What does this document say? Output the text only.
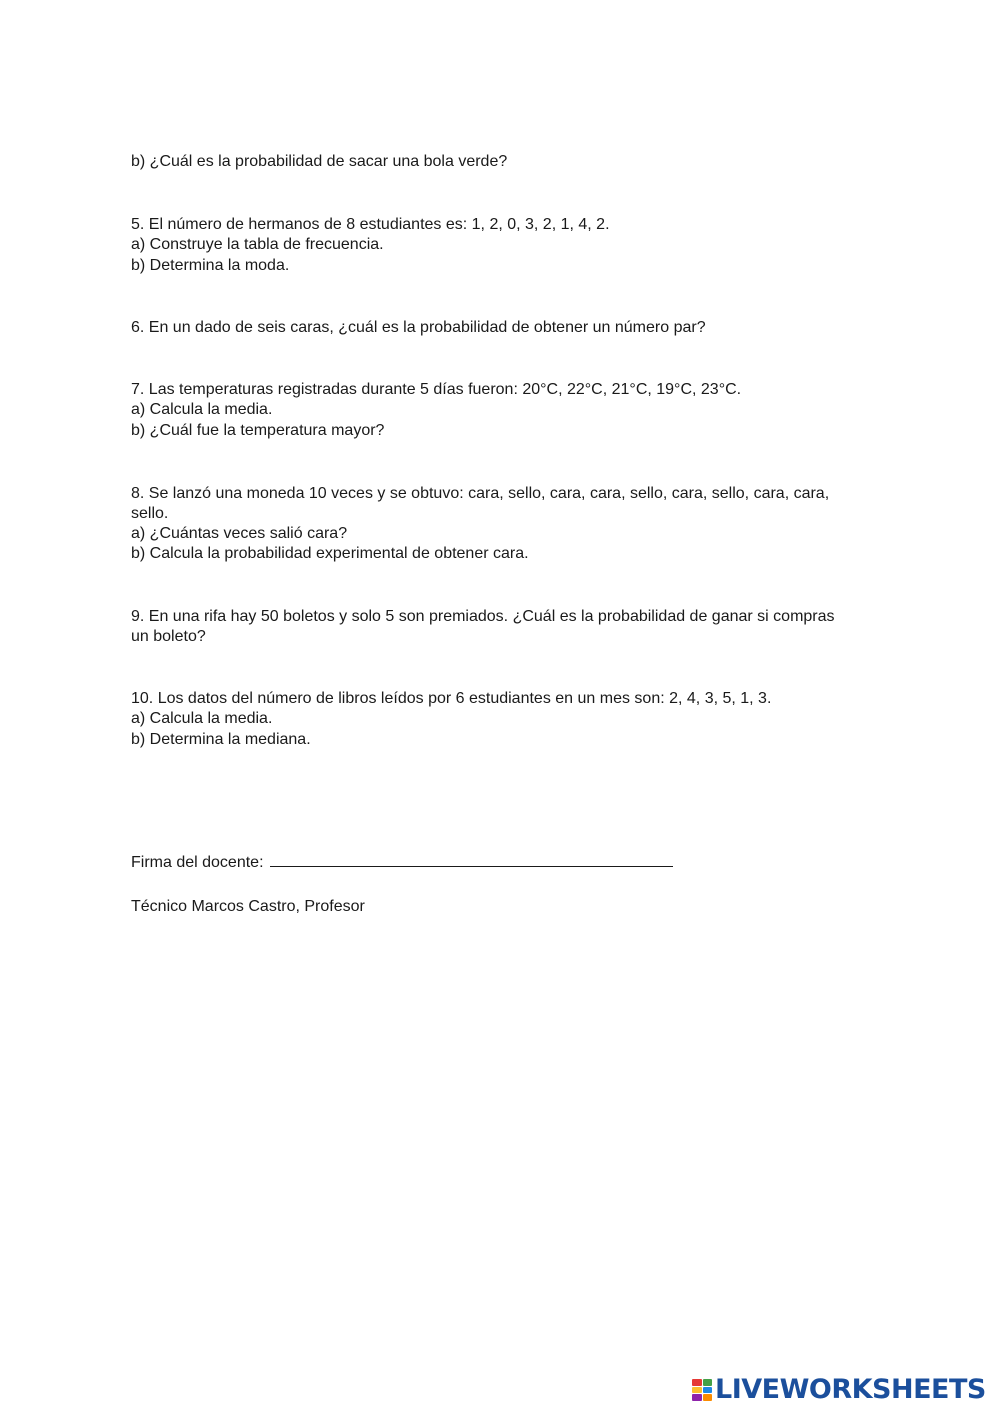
b) ¿Cuál es la probabilidad de sacar una bola verde?
5. El número de hermanos de 8 estudiantes es: 1, 2, 0, 3, 2, 1, 4, 2.
a) Construye la tabla de frecuencia.
b) Determina la moda.
6. En un dado de seis caras, ¿cuál es la probabilidad de obtener un número par?
7. Las temperaturas registradas durante 5 días fueron: 20°C, 22°C, 21°C, 19°C, 23°C.
a) Calcula la media.
b) ¿Cuál fue la temperatura mayor?
8. Se lanzó una moneda 10 veces y se obtuvo: cara, sello, cara, cara, sello, cara, sello, cara, cara,
sello.
a) ¿Cuántas veces salió cara?
b) Calcula la probabilidad experimental de obtener cara.
9. En una rifa hay 50 boletos y solo 5 son premiados. ¿Cuál es la probabilidad de ganar si compras
un boleto?
10. Los datos del número de libros leídos por 6 estudiantes en un mes son: 2, 4, 3, 5, 1, 3.
a) Calcula la media.
b) Determina la mediana.
Firma del docente:
Técnico Marcos Castro, Profesor
LIVEWORKSHEETS
